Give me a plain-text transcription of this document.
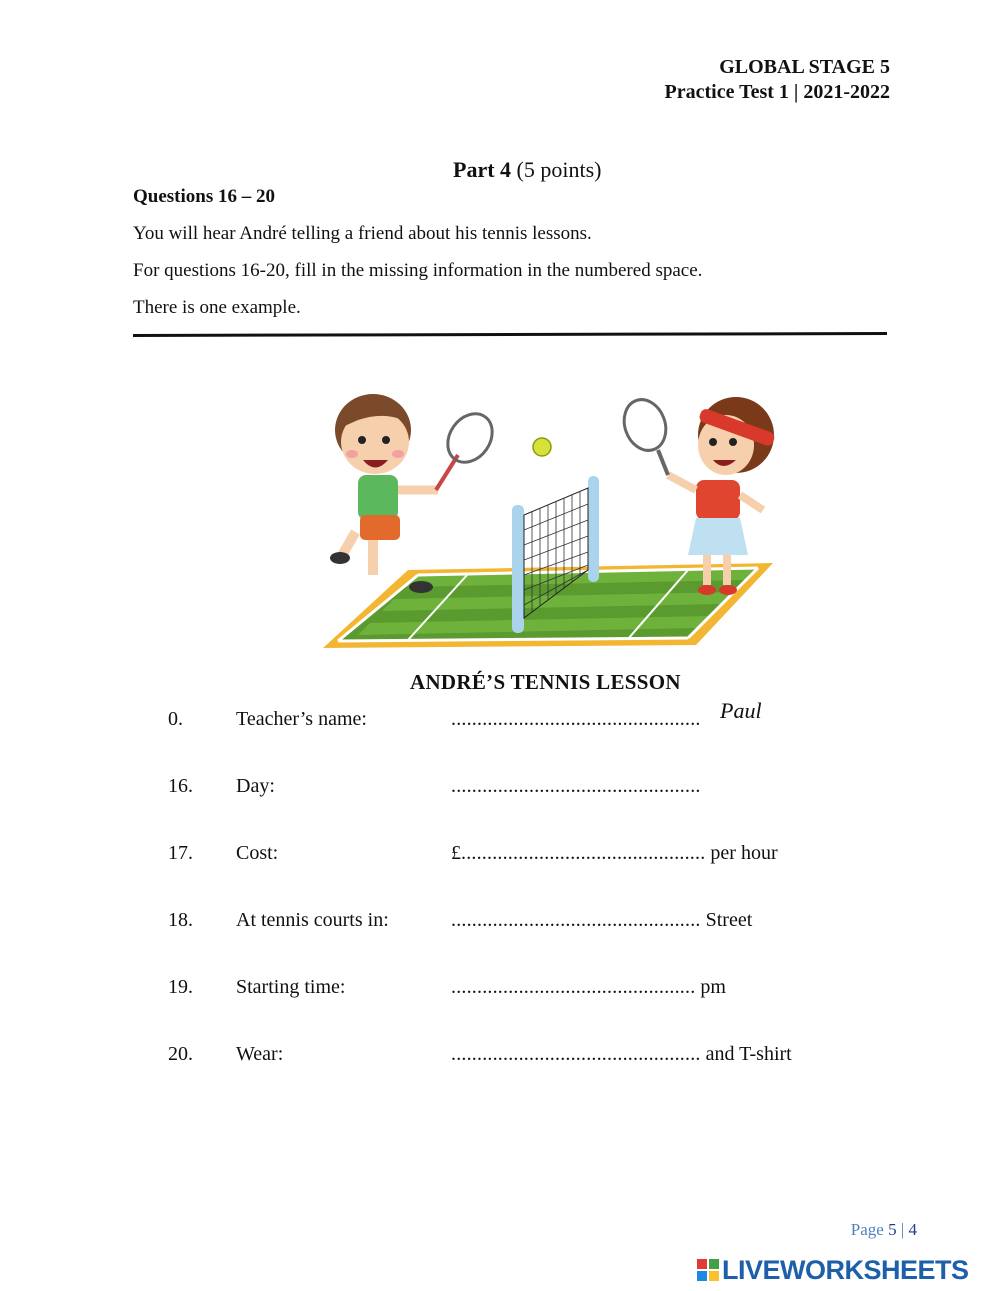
GLOBAL STAGE 5
Practice Test 1 | 2021-2022
Part 4 (5 points)
Questions 16 – 20
You will hear André telling a friend about his tennis lessons.
For questions 16-20, fill in the missing information in the numbered space.
There is one example.
ANDRÉ’S TENNIS LESSON
0.	Teacher’s name:	................................................ Paul
16. Day:	................................................
17. Cost:	£............................................... per hour
18. At tennis courts in:	................................................ Street
19. Starting time:	............................................... pm
20. Wear:	................................................ and T-shirt
Page 5 | 4
LIVEWORKSHEETS
